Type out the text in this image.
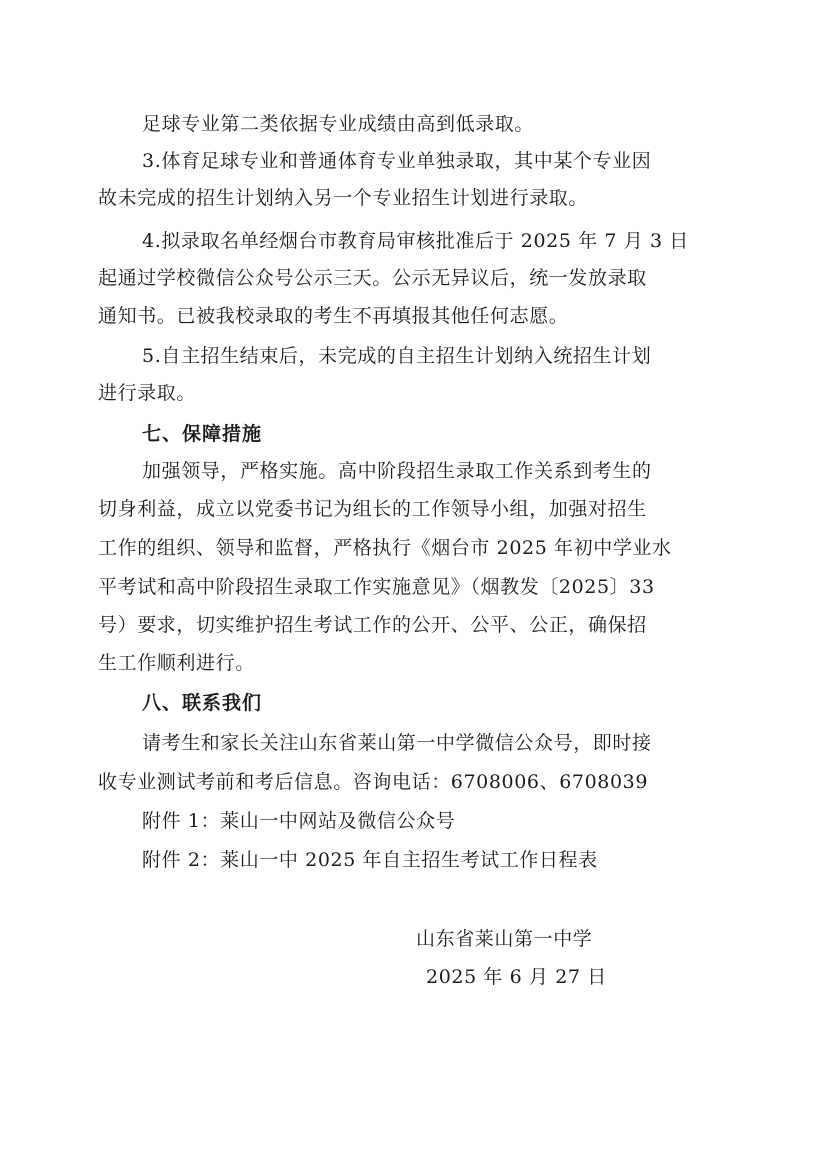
足球专业第二类依据专业成绩由高到低录取。
3.体育足球专业和普通体育专业单独录取，其中某个专业因
故未完成的招生计划纳入另一个专业招生计划进行录取。
4.拟录取名单经烟台市教育局审核批准后于 2025 年 7 月 3 日
起通过学校微信公众号公示三天。公示无异议后，统一发放录取
通知书。已被我校录取的考生不再填报其他任何志愿。
5.自主招生结束后，未完成的自主招生计划纳入统招生计划
进行录取。
七、保障措施
加强领导，严格实施。高中阶段招生录取工作关系到考生的
切身利益，成立以党委书记为组长的工作领导小组，加强对招生
工作的组织、领导和监督，严格执行《烟台市 2025 年初中学业水
平考试和高中阶段招生录取工作实施意见》（烟教发〔2025〕33
号）要求，切实维护招生考试工作的公开、公平、公正，确保招
生工作顺利进行。
八、联系我们
请考生和家长关注山东省莱山第一中学微信公众号，即时接
收专业测试考前和考后信息。咨询电话：6708006、6708039
附件 1：莱山一中网站及微信公众号
附件 2：莱山一中 2025 年自主招生考试工作日程表
山东省莱山第一中学
2025 年 6 月 27 日
